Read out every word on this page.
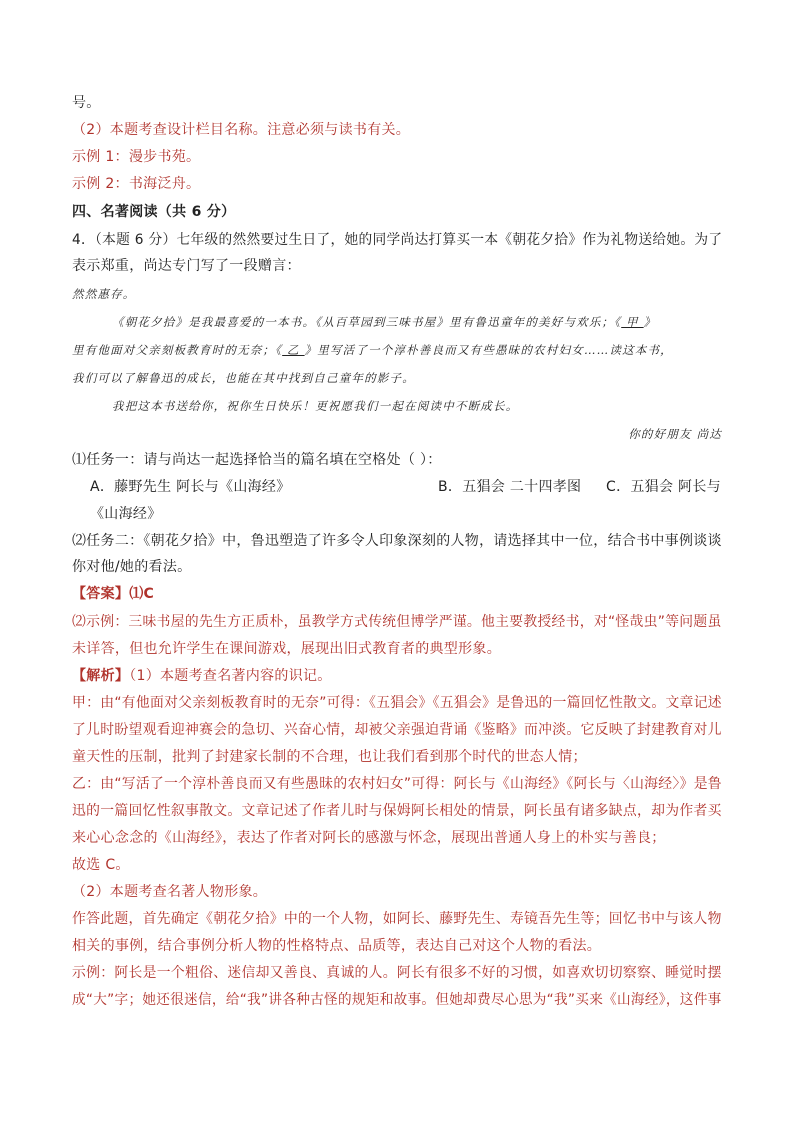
号。
（2）本题考查设计栏目名称。注意必须与读书有关。
示例 1：漫步书苑。
示例 2：书海泛舟。
四、名著阅读（共 6 分）
4．（本题 6 分）七年级的然然要过生日了，她的同学尚达打算买一本《朝花夕拾》作为礼物送给她。为了
表示郑重，尚达专门写了一段赠言：
然然惠存。
《朝花夕拾》是我最喜爱的一本书。《从百草园到三味书屋》里有鲁迅童年的美好与欢乐；《 甲 》
里有他面对父亲刻板教育时的无奈；《 乙 》里写活了一个淳朴善良而又有些愚昧的农村妇女……读这本书，
我们可以了解鲁迅的成长，也能在其中找到自己童年的影子。
我把这本书送给你，祝你生日快乐！更祝愿我们一起在阅读中不断成长。
你的好朋友 尚达
⑴任务一：请与尚达一起选择恰当的篇名填在空格处（ ）：
A．藤野先生 阿长与《山海经》	B．五猖会 二十四孝图 C．五猖会 阿长与
《山海经》
⑵任务二：《朝花夕拾》中，鲁迅塑造了许多令人印象深刻的人物，请选择其中一位，结合书中事例谈谈
你对他/她的看法。
【答案】⑴C
⑵示例：三味书屋的先生方正质朴，虽教学方式传统但博学严谨。他主要教授经书，对“怪哉虫”等问题虽
未详答，但也允许学生在课间游戏，展现出旧式教育者的典型形象。
【解析】（1）本题考查名著内容的识记。
甲：由“有他面对父亲刻板教育时的无奈”可得：《五猖会》《五猖会》是鲁迅的一篇回忆性散文。文章记述
了儿时盼望观看迎神赛会的急切、兴奋心情，却被父亲强迫背诵《鉴略》而冲淡。它反映了封建教育对儿
童天性的压制，批判了封建家长制的不合理，也让我们看到那个时代的世态人情；
乙：由“写活了一个淳朴善良而又有些愚昧的农村妇女”可得：阿长与《山海经》《阿长与〈山海经〉》是鲁
迅的一篇回忆性叙事散文。文章记述了作者儿时与保姆阿长相处的情景，阿长虽有诸多缺点，却为作者买
来心心念念的《山海经》，表达了作者对阿长的感激与怀念，展现出普通人身上的朴实与善良；
故选 C。
（2）本题考查名著人物形象。
作答此题，首先确定《朝花夕拾》中的一个人物，如阿长、藤野先生、寿镜吾先生等；回忆书中与该人物
相关的事例，结合事例分析人物的性格特点、品质等，表达自己对这个人物的看法。
示例：阿长是一个粗俗、迷信却又善良、真诚的人。阿长有很多不好的习惯，如喜欢切切察察、睡觉时摆
成“大”字；她还很迷信，给“我”讲各种古怪的规矩和故事。但她却费尽心思为“我”买来《山海经》，这件事
